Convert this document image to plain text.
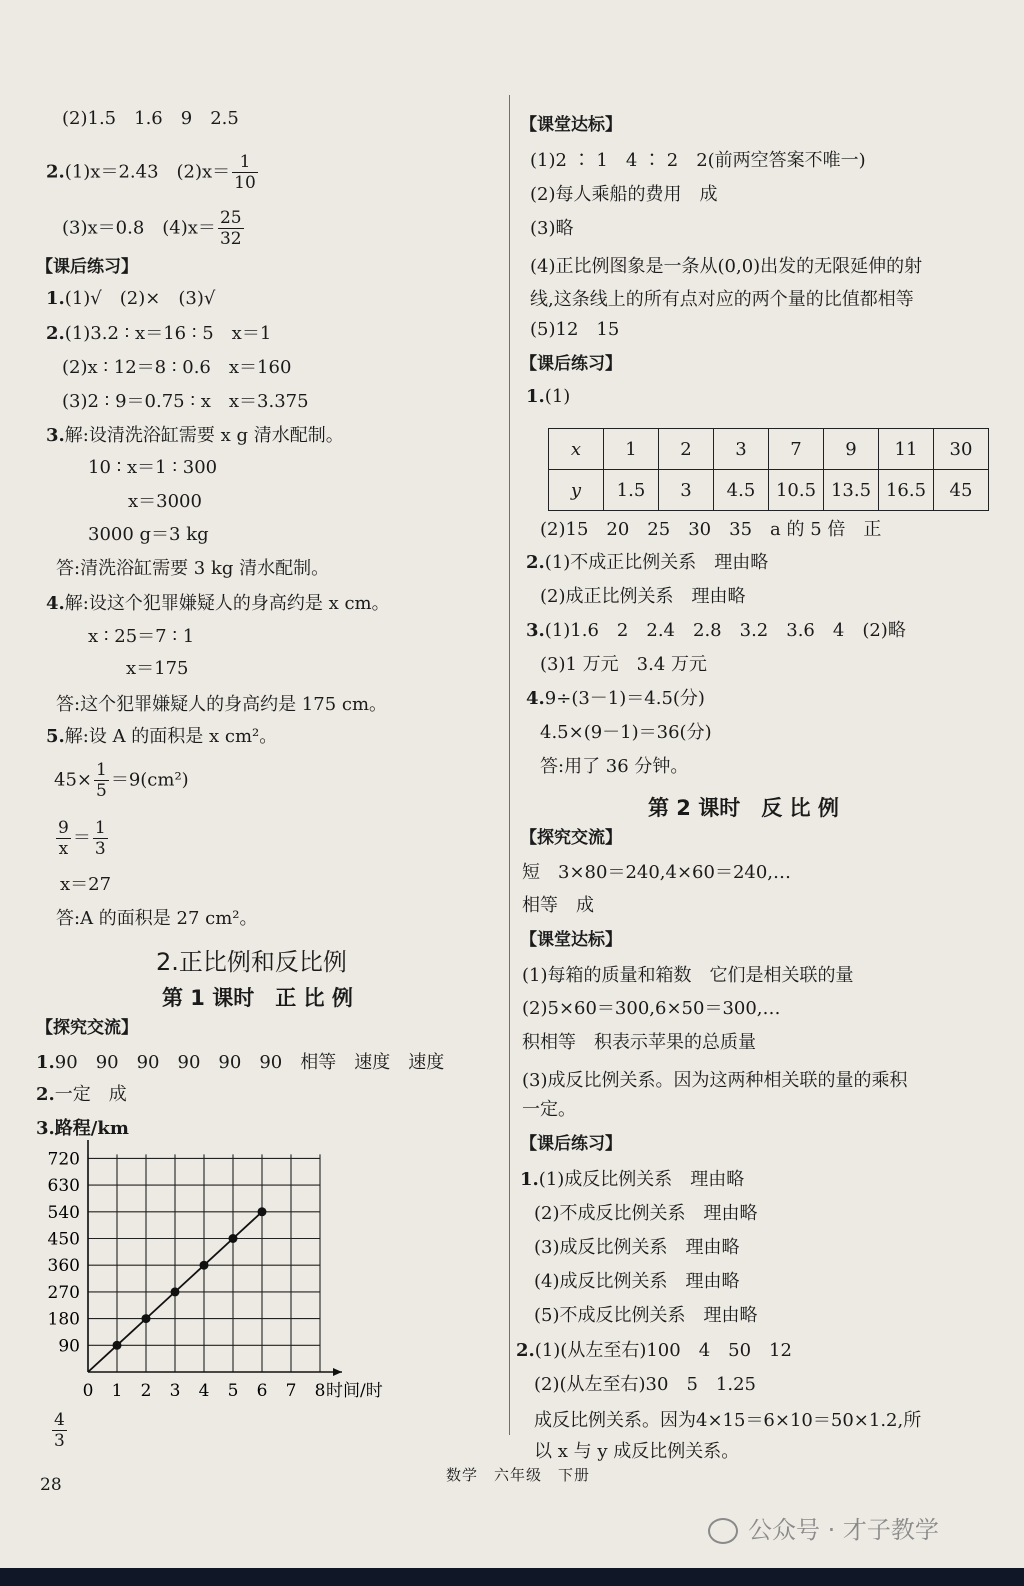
(2)1.5　1.6　9　2.5
2.(1)x＝2.43　$(2)x= \frac{1}{10}$
(3)x＝0.8　$(4)x= \frac{25}{32}$
【课后练习】
1.(1)√　(2)×　(3)√
2.(1)3.2 ∶ x＝16 ∶ 5　x＝1
(2)x ∶ 12＝8 ∶ 0.6　x＝160
(3)2 ∶ 9＝0.75 ∶ x　x＝3.375
3.解:设清洗浴缸需要 x g 清水配制。
10 ∶ x＝1 ∶ 300
x＝3000
3000 g＝3 kg
答:清洗浴缸需要 3 kg 清水配制。
4.解:设这个犯罪嫌疑人的身高约是 x cm。
x ∶ 25＝7 ∶ 1
x＝175
答:这个犯罪嫌疑人的身高约是 175 cm。
5.解:设 A 的面积是 x cm²。
$45\times \frac{1}{5} =9(cm^2)$
$\frac{9}{x} = \frac{1}{3}$
x＝27
答:A 的面积是 27 cm²。
2.正比例和反比例
第 1 课时　正 比 例
【探究交流】
1.90　90　90　90　90　90　相等　速度　速度
2.一定　成
3.路程/km
0 1 2 3 4 5 6 7 8
90
180
270
360
450
540
630
720
时间/时
$\frac{4}{3}$
【课堂达标】
(1)2 ∶ 1　4 ∶ 2　2(前两空答案不唯一)
(2)每人乘船的费用　成
(3)略
(4)正比例图象是一条从(0,0)出发的无限延伸的射
线,这条线上的所有点对应的两个量的比值都相等
(5)12　15
【课后练习】
1.(1)
x	1	2	3	7	9	11	30
y	1.5	3	4.5	10.5	13.5	16.5	45
(2)15　20　25　30　35　a 的 5 倍　正
2.(1)不成正比例关系　理由略
(2)成正比例关系　理由略
3.(1)1.6　2　2.4　2.8　3.2　3.6　4　(2)略
(3)1 万元　3.4 万元
4.9÷(3－1)＝4.5(分)
4.5×(9－1)＝36(分)
答:用了 36 分钟。
第 2 课时　反 比 例
【探究交流】
短　3×80＝240,4×60＝240,…
相等　成
【课堂达标】
(1)每箱的质量和箱数　它们是相关联的量
(2)5×60＝300,6×50＝300,…
积相等　积表示苹果的总质量
(3)成反比例关系。因为这两种相关联的量的乘积
一定。
【课后练习】
1.(1)成反比例关系　理由略
(2)不成反比例关系　理由略
(3)成反比例关系　理由略
(4)成反比例关系　理由略
(5)不成反比例关系　理由略
2.(1)(从左至右)100　4　50　12
(2)(从左至右)30　5　1.25
成反比例关系。因为4×15＝6×10＝50×1.2,所
以 x 与 y 成反比例关系。
28	数学　六年级　下册
公众号 · 才子教学
